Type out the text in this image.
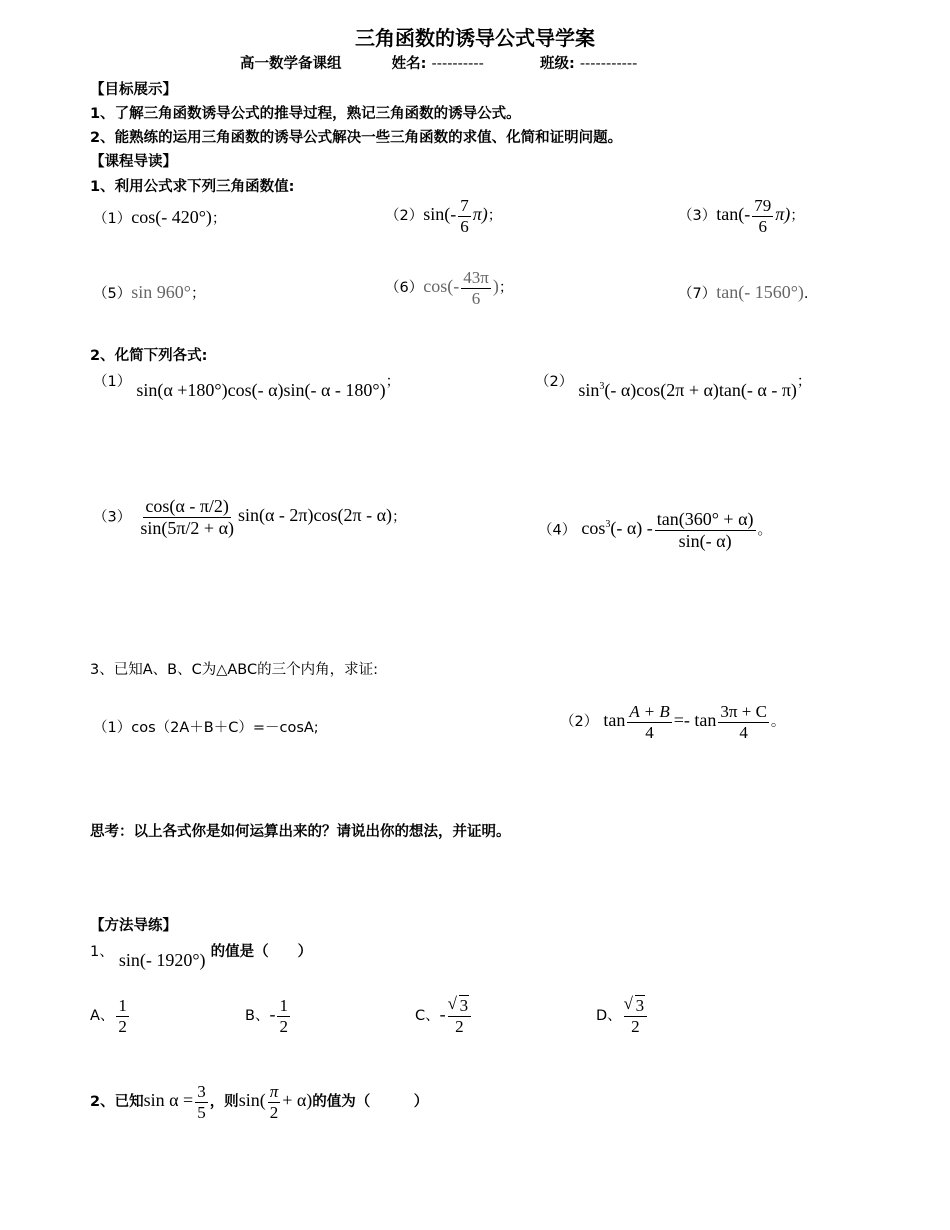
三角函数的诱导公式导学案
高一数学备课组	姓名: ----------	班级: -----------
【目标展示】
1、了解三角函数诱导公式的推导过程，熟记三角函数的诱导公式。
2、能熟练的运用三角函数的诱导公式解决一些三角函数的求值、化简和证明问题。
【课程导读】
1、利用公式求下列三角函数值:
（1）cos(- 420°)；	$(2)\sin(- \frac{7}{6} \pi)$；	$(3)\tan(- \frac{79}{6} \pi)$；
（5）sin 960°；	$(6)\cos(- \frac{43\pi}{6}$ )；	（7）tan(- 1560°).
2、化简下列各式:
（1） sin(α +180°)cos(- α)sin(- α - 180°)；	（2） $\sin^3(-$ α)cos(2π + α)tan(- α - π)；
$(3) \frac{\cos(\alpha - \pi/2)}{\sin(5\pi/2 + \alpha)} \sin(\alpha - 2\pi)\cos(2\pi - \alpha)$；
（4） $\cos^3(-$ $\alpha) - \frac{\tan(360^\circ + \alpha)}{\sin(- \alpha)}$ 。
3、已知A、B、C为△ABC的三个内角，求证:
（1）cos（2A＋B＋C）=－cosA;	（2） $\tan \frac{A + B}{4} =- \tan \frac{3\pi + C}{4}$ 。
思考：以上各式你是如何运算出来的？请说出你的想法，并证明。
【方法导练】
1、 sin(- 1920°) 的值是（　　）
A、 $\frac{1}{2}$	B、- $\frac{1}{2}$	C、- √ $\frac{3}{2}$	D、 √ $\frac{3}{2}$
2、已知$\sin \alpha = \frac{3}{5}$ ，则$\sin( \frac{\pi}{2} + \alpha)$的值为（　　　）
